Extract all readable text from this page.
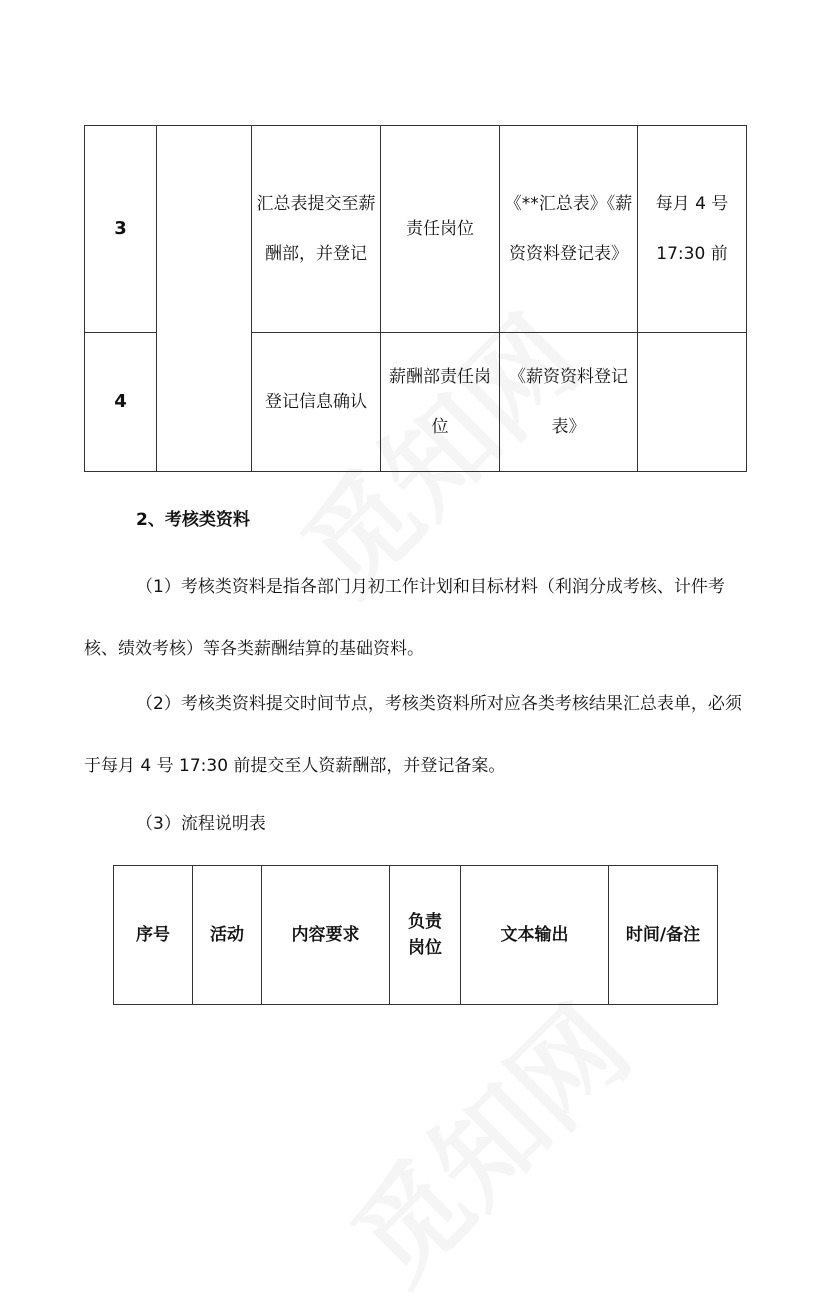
3		汇总表提交至薪酬部，并登记	责任岗位	《**汇总表》《薪资资料登记表》	每月 4 号 17:30 前
4		登记信息确认	薪酬部责任岗位	《薪资资料登记表》	
2、考核类资料
（1）考核类资料是指各部门月初工作计划和目标材料（利润分成考核、计件考核、绩效考核）等各类薪酬结算的基础资料。
（2）考核类资料提交时间节点，考核类资料所对应各类考核结果汇总表单，必须于每月 4 号 17:30 前提交至人资薪酬部，并登记备案。
（3）流程说明表
序号	活动	内容要求	负责岗位	文本输出	时间/备注
